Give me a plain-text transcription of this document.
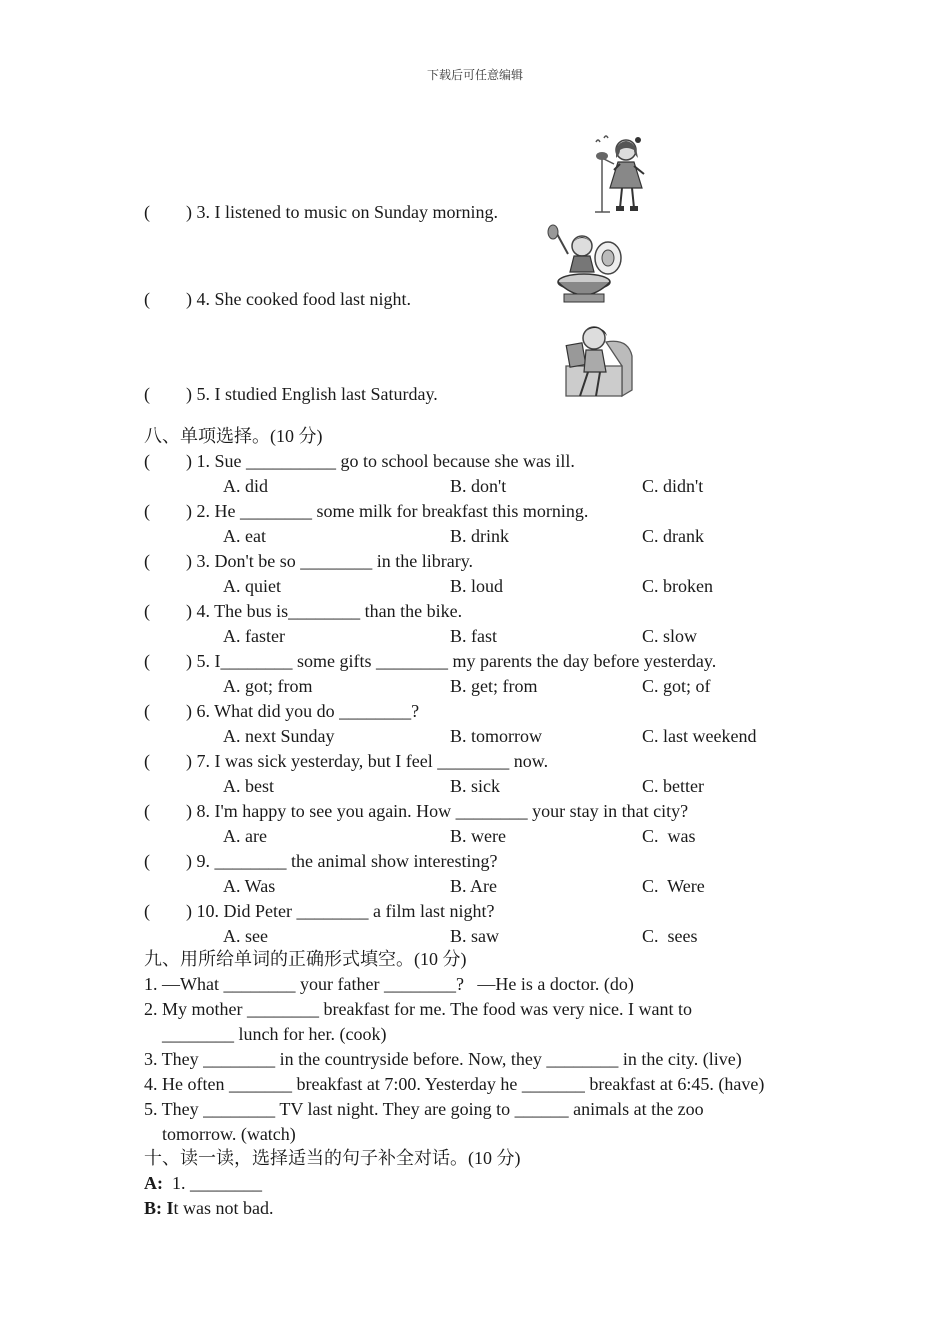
下载后可任意编辑
(        ) 3. I listened to music on Sunday morning.
(        ) 4. She cooked food last night.
(        ) 5. I studied English last Saturday.
八、单项选择。(10 分)
(        ) 1. Sue __________ go to school because she was ill.
A. did	B. don't	C. didn't
(        ) 2. He ________ some milk for breakfast this morning.
A. eat	B. drink	C. drank
(        ) 3. Don't be so ________ in the library.
A. quiet	B. loud	C. broken
(        ) 4. The bus is________ than the bike.
A. faster	B. fast	C. slow
(        ) 5. I________ some gifts ________ my parents the day before yesterday.
A. got; from	B. get; from	C. got; of
(        ) 6. What did you do ________?
A. next Sunday	B. tomorrow	C. last weekend
(        ) 7. I was sick yesterday, but I feel ________ now.
A. best	B. sick	C. better
(        ) 8. I'm happy to see you again. How ________ your stay in that city?
A. are	B. were	C.  was
(        ) 9. ________ the animal show interesting?
A. Was	B. Are	C.  Were
(        ) 10. Did Peter ________ a film last night?
A. see	B. saw	C.  sees
九、用所给单词的正确形式填空。(10 分)
1. —What ________ your father ________?   —He is a doctor. (do)
2. My mother ________ breakfast for me. The food was very nice. I want to
________ lunch for her. (cook)
3. They ________ in the countryside before. Now, they ________ in the city. (live)
4. He often _______ breakfast at 7:00. Yesterday he _______ breakfast at 6:45. (have)
5. They ________ TV last night. They are going to ______ animals at the zoo
tomorrow. (watch)
十、读一读，选择适当的句子补全对话。(10 分)
A:  1. ________
B: It was not bad.
